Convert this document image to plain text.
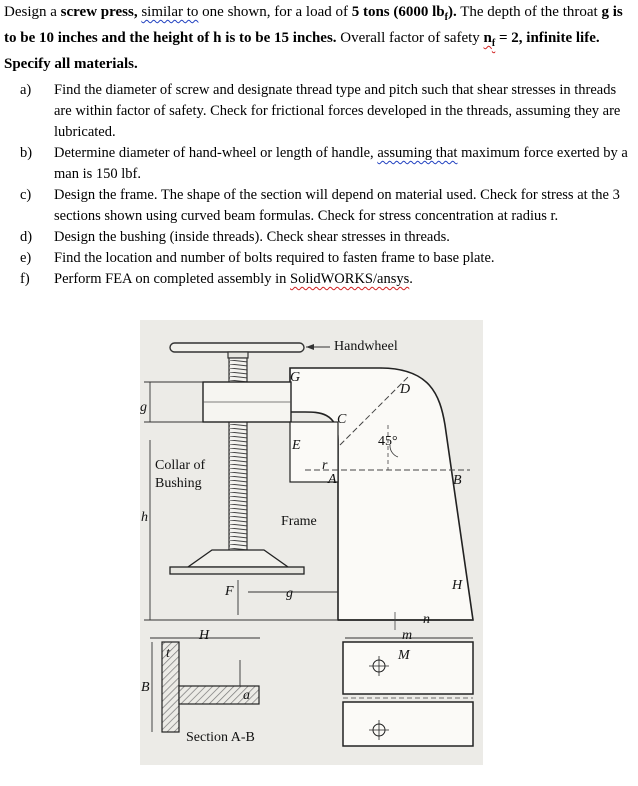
Design a screw press, similar to one shown, for a load of 5 tons (6000 $lb_f$). The depth of the throat g is to be 10 inches and the height of h is to be 15 inches. Overall factor of safety $n_f = 2$, infinite life. Specify all materials.
a)	Find the diameter of screw and designate thread type and pitch such that shear stresses in threads are within factor of safety. Check for frictional forces developed in the threads, assuming they are lubricated.
b)	Determine diameter of hand-wheel or length of handle, assuming that maximum force exerted by a man is 150 lbf.
c)	Design the frame. The shape of the section will depend on material used. Check for stress at the 3 sections shown using curved beam formulas. Check for stress concentration at radius r.
d)	Design the bushing (inside threads). Check shear stresses in threads.
e)	Find the location and number of bolts required to fasten frame to base plate.
f)	Perform FEA on completed assembly in SolidWORKS/ansys.
Handwheel
G
D
C
45°
E
r
Collar of
Bushing	A	B
g
Frame
h
H
F	g
n
H	m
M
t
a
B
Section A-B
